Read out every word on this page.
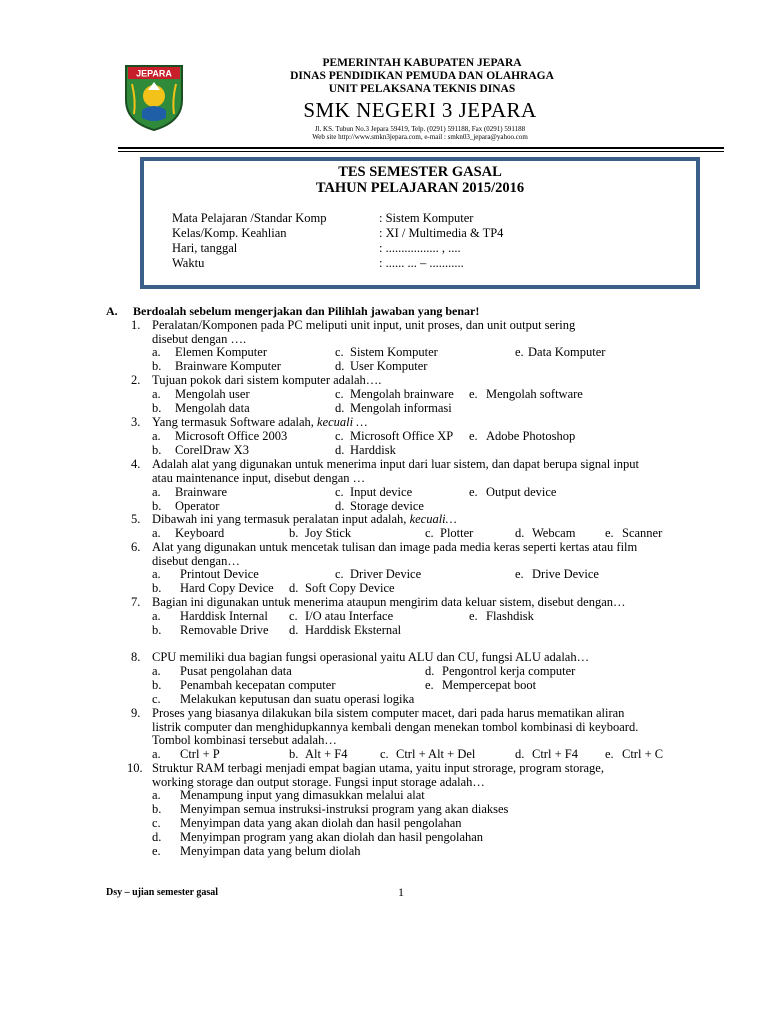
JEPARA
PEMERINTAH KABUPATEN JEPARA
DINAS PENDIDIKAN PEMUDA DAN OLAHRAGA
UNIT PELAKSANA TEKNIS DINAS
SMK NEGERI 3 JEPARA
Jl. KS. Tubun No.3 Jepara 59419, Telp. (0291) 591188, Fax (0291) 591188
Web site http://www.smkn3jepara.com, e-mail : smkn03_jepara@yahoo.com
TES SEMESTER GASAL
TAHUN PELAJARAN 2015/2016
Mata Pelajaran /Standar Komp	: Sistem Komputer
Kelas/Komp. Keahlian	: XI / Multimedia & TP4
Hari, tanggal	: ................. , ....
Waktu	: ...... ... – ...........
A. Berdoalah sebelum mengerjakan dan Pilihlah jawaban yang benar!
1. Peralatan/Komponen pada PC meliputi unit input, unit proses, dan unit output sering
disebut dengan ….
a. Elemen Komputer	c. Sistem Komputer	e. Data Komputer
b. Brainware Komputer	d. User Komputer
2. Tujuan pokok dari sistem komputer adalah….
a. Mengolah user	c. Mengolah brainware e. Mengolah software
b. Mengolah data	d. Mengolah informasi
3. Yang termasuk Software adalah, kecuali …
a. Microsoft Office 2003	c. Microsoft Office XP e. Adobe Photoshop
b. CorelDraw X3	d. Harddisk
4. Adalah alat yang digunakan untuk menerima input dari luar sistem, dan dapat berupa signal input
atau maintenance input, disebut dengan …
a. Brainware	c. Input device	e. Output device
b. Operator	d. Storage device
5. Dibawah ini yang termasuk peralatan input adalah, kecuali…
a. Keyboard	b. Joy Stick	c. Plotter	d. Webcam e. Scanner
6. Alat yang digunakan untuk mencetak tulisan dan image pada media keras seperti kertas atau film
disebut dengan…
a. Printout Device	c. Driver Device	e. Drive Device
b. Hard Copy Device d. Soft Copy Device
7. Bagian ini digunakan untuk menerima ataupun mengirim data keluar sistem, disebut dengan…
a. Harddisk Internal c. I/O atau Interface	e. Flashdisk
b. Removable Drive d. Harddisk Eksternal
8. CPU memiliki dua bagian fungsi operasional yaitu ALU dan CU, fungsi ALU adalah…
a. Pusat pengolahan data	d. Pengontrol kerja computer
b. Penambah kecepatan computer	e. Mempercepat boot
c. Melakukan keputusan dan suatu operasi logika
9. Proses yang biasanya dilakukan bila sistem computer macet, dari pada harus mematikan aliran
listrik computer dan menghidupkannya kembali dengan menekan tombol kombinasi di keyboard.
Tombol kombinasi tersebut adalah…
a. Ctrl + P	b. Alt + F4	c. Ctrl + Alt + Del	d. Ctrl + F4 e. Ctrl + C
10. Struktur RAM terbagi menjadi empat bagian utama, yaitu input strorage, program storage,
working storage dan output storage. Fungsi input storage adalah…
a. Menampung input yang dimasukkan melalui alat
b. Menyimpan semua instruksi-instruksi program yang akan diakses
c. Menyimpan data yang akan diolah dan hasil pengolahan
d. Menyimpan program yang akan diolah dan hasil pengolahan
e. Menyimpan data yang belum diolah
Dsy – ujian semester gasal	1
